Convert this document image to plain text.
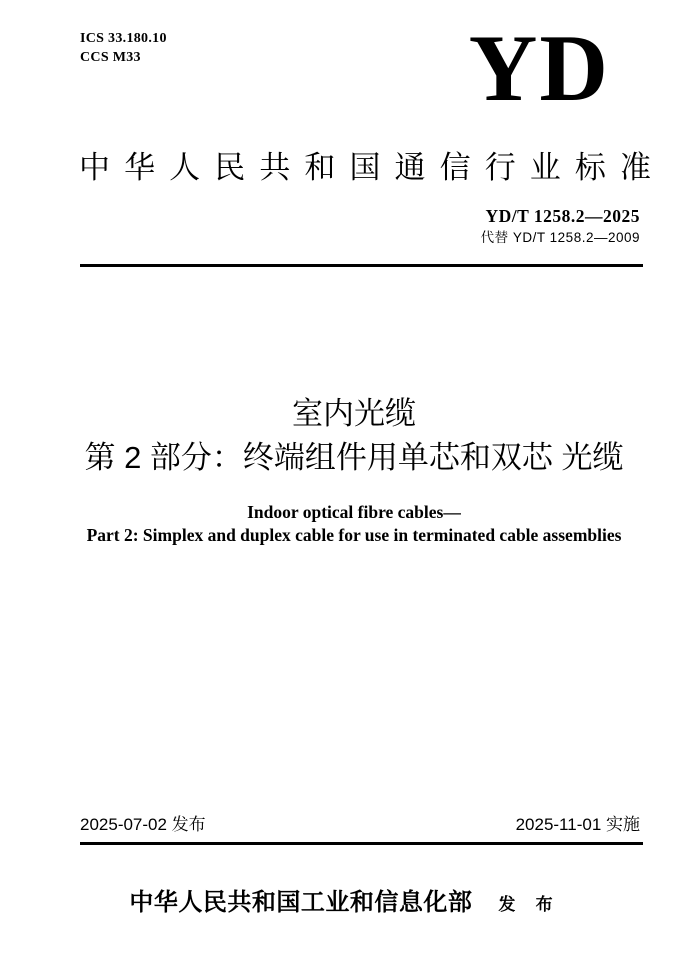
ICS 33.180.10
CCS M33	YD
中 华 人 民 共 和 国 通 信 行 业 标 准
YD/T 1258.2—2025
代替 YD/T 1258.2—2009
室内光缆
第 2 部分：终端组件用单芯和双芯 光缆
Indoor optical fibre cables—
Part 2: Simplex and duplex cable for use in terminated cable assemblies
2025-07-02 发布	2025-11-01 实施
中华人民共和国工业和信息化部 发 布
